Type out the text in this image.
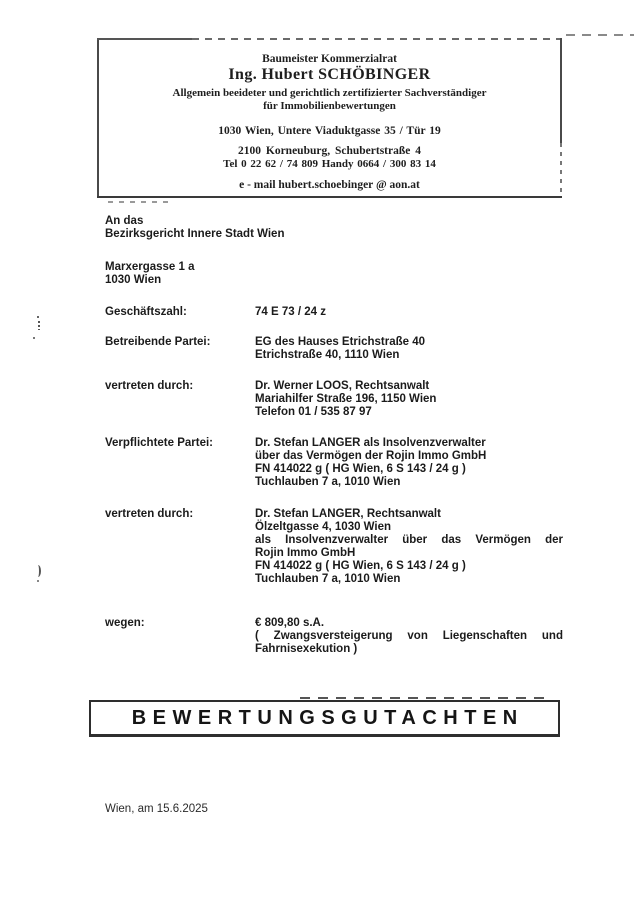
Baumeister Kommerzialrat
Ing. Hubert SCHÖBINGER
Allgemein beeideter und gerichtlich zertifizierter Sachverständiger
für Immobilienbewertungen
1030 Wien, Untere Viaduktgasse 35 / Tür 19
2100 Korneuburg, Schubertstraße 4
Tel 0 22 62 / 74 809 Handy 0664 / 300 83 14
e - mail hubert.schoebinger @ aon.at
An das
Bezirksgericht Innere Stadt Wien
Marxergasse 1 a
1030 Wien
Geschäftszahl:	74 E 73 / 24 z
Betreibende Partei:	EG des Hauses Etrichstraße 40
Etrichstraße 40, 1110 Wien
vertreten durch:	Dr. Werner LOOS, Rechtsanwalt
Mariahilfer Straße 196, 1150 Wien
Telefon 01 / 535 87 97
Verpflichtete Partei:	Dr. Stefan LANGER als Insolvenzverwalter
über das Vermögen der Rojin Immo GmbH
FN 414022 g ( HG Wien, 6 S 143 / 24 g )
Tuchlauben 7 a, 1010 Wien
vertreten durch:	Dr. Stefan LANGER, Rechtsanwalt
Ölzeltgasse 4, 1030 Wien
als Insolvenzverwalter über das Vermögen der
Rojin Immo GmbH
FN 414022 g ( HG Wien, 6 S 143 / 24 g )
Tuchlauben 7 a, 1010 Wien
wegen:	€ 809,80 s.A.
( Zwangsversteigerung von Liegenschaften und
Fahrnisexekution )
BEWERTUNGSGUTACHTEN
Wien, am 15.6.2025
